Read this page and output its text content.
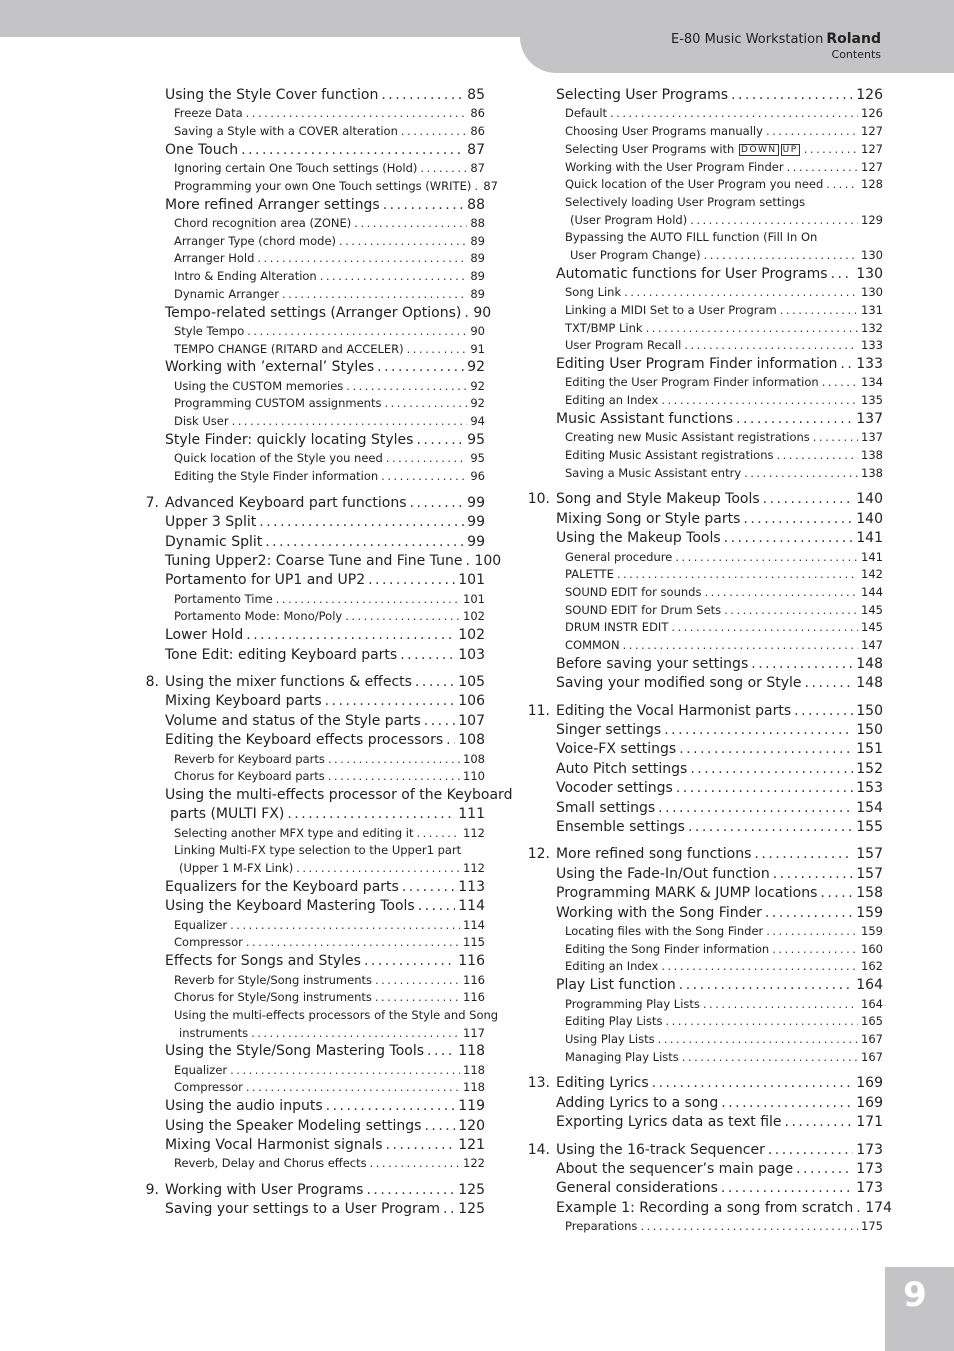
E-80 Music Workstation Roland
Contents
Using the Style Cover function .....	85
Freeze Data .....	86
Saving a Style with a COVER alteration .....	86
One Touch .....	87
Ignoring certain One Touch settings (Hold) .....	87
Programming your own One Touch settings (WRITE) ..... 87
More refined Arranger settings .....	88
Chord recognition area (ZONE) .....	88
Arranger Type (chord mode) .....	89
Arranger Hold .....	89
Intro & Ending Alteration .....	89
Dynamic Arranger .....	89
Tempo-related settings (Arranger Options) ..... 90
Style Tempo .....	90
TEMPO CHANGE (RITARD and ACCELER) .....	91
Working with ’external’ Styles .....	92
Using the CUSTOM memories .....	92
Programming CUSTOM assignments .....	92
Disk User .....	94
Style Finder: quickly locating Styles .....	95
Quick location of the Style you need .....	95
Editing the Style Finder information .....	96
7. Advanced Keyboard part functions .....	99
Upper 3 Split .....	99
Dynamic Split .....	99
Tuning Upper2: Coarse Tune and Fine Tune ..... 100
Portamento for UP1 and UP2 .....	101
Portamento Time .....	101
Portamento Mode: Mono/Poly .....	102
Lower Hold .....	102
Tone Edit: editing Keyboard parts .....	103
8. Using the mixer functions & effects .....	105
Mixing Keyboard parts .....	106
Volume and status of the Style parts .....	107
Editing the Keyboard effects processors ..... 108
Reverb for Keyboard parts .....	108
Chorus for Keyboard parts .....	110
Using the multi-effects processor of the Keyboard
parts (MULTI FX) .....	111
Selecting another MFX type and editing it .....	112
Linking Multi-FX type selection to the Upper1 part
(Upper 1 M-FX Link) .....	112
Equalizers for the Keyboard parts .....	113
Using the Keyboard Mastering Tools .....	114
Equalizer .....	114
Compressor .....	115
Effects for Songs and Styles .....	116
Reverb for Style/Song instruments .....	116
Chorus for Style/Song instruments .....	116
Using the multi-effects processors of the Style and Song
instruments .....	117
Using the Style/Song Mastering Tools ..... 118
Equalizer .....	118
Compressor .....	118
Using the audio inputs .....	119
Using the Speaker Modeling settings .....	120
Mixing Vocal Harmonist signals .....	121
Reverb, Delay and Chorus effects .....	122
9. Working with User Programs .....	125
Saving your settings to a User Program ..... 125
Selecting User Programs .....	126
Default .....	126
Choosing User Programs manually .....	127
Selecting User Programs with DOWN UP .....	127
Working with the User Program Finder .....	127
Quick location of the User Program you need .....	128
Selectively loading User Program settings
(User Program Hold) .....	129
Bypassing the AUTO FILL function (Fill In On
User Program Change) .....	130
Automatic functions for User Programs ..... 130
Song Link .....	130
Linking a MIDI Set to a User Program .....	131
TXT/BMP Link .....	132
User Program Recall .....	133
Editing User Program Finder information ..... 133
Editing the User Program Finder information .....	134
Editing an Index .....	135
Music Assistant functions .....	137
Creating new Music Assistant registrations .....	137
Editing Music Assistant registrations .....	138
Saving a Music Assistant entry .....	138
10. Song and Style Makeup Tools .....	140
Mixing Song or Style parts .....	140
Using the Makeup Tools .....	141
General procedure .....	141
PALETTE .....	142
SOUND EDIT for sounds .....	144
SOUND EDIT for Drum Sets .....	145
DRUM INSTR EDIT .....	145
COMMON .....	147
Before saving your settings .....	148
Saving your modified song or Style .....	148
11. Editing the Vocal Harmonist parts .....	150
Singer settings .....	150
Voice-FX settings .....	151
Auto Pitch settings .....	152
Vocoder settings .....	153
Small settings .....	154
Ensemble settings .....	155
12. More refined song functions .....	157
Using the Fade-In/Out function .....	157
Programming MARK & JUMP locations .....	158
Working with the Song Finder .....	159
Locating files with the Song Finder .....	159
Editing the Song Finder information .....	160
Editing an Index .....	162
Play List function .....	164
Programming Play Lists .....	164
Editing Play Lists .....	165
Using Play Lists .....	167
Managing Play Lists .....	167
13. Editing Lyrics .....	169
Adding Lyrics to a song .....	169
Exporting Lyrics data as text file .....	171
14. Using the 16-track Sequencer .....	173
About the sequencer’s main page .....	173
General considerations .....	173
Example 1: Recording a song from scratch ..... 174
Preparations .....	175
9
